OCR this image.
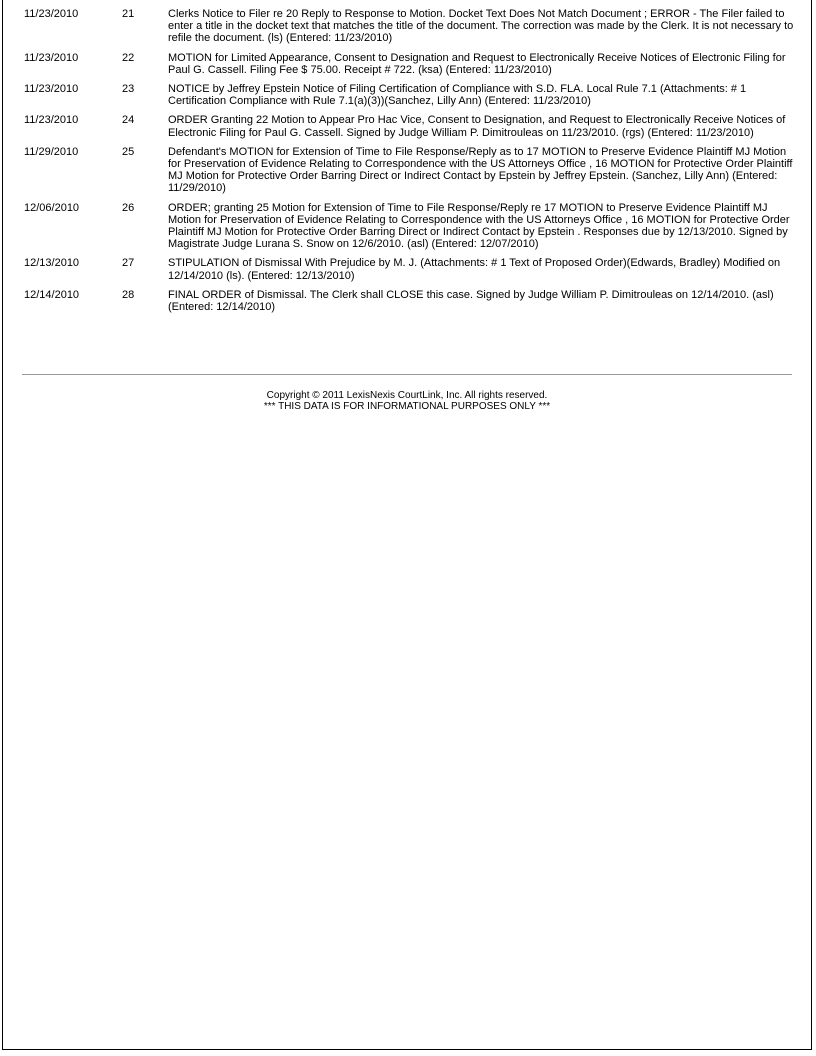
11/23/2010	21	Clerks Notice to Filer re 20 Reply to Response to Motion. Docket Text Does Not Match Document ; ERROR - The Filer failed to enter a title in the docket text that matches the title of the document. The correction was made by the Clerk. It is not necessary to refile the document. (ls) (Entered: 11/23/2010)
11/23/2010	22	MOTION for Limited Appearance, Consent to Designation and Request to Electronically Receive Notices of Electronic Filing for Paul G. Cassell. Filing Fee $ 75.00. Receipt # 722. (ksa) (Entered: 11/23/2010)
11/23/2010	23	NOTICE by Jeffrey Epstein Notice of Filing Certification of Compliance with S.D. FLA. Local Rule 7.1 (Attachments: # 1 Certification Compliance with Rule 7.1(a)(3))(Sanchez, Lilly Ann) (Entered: 11/23/2010)
11/23/2010	24	ORDER Granting 22 Motion to Appear Pro Hac Vice, Consent to Designation, and Request to Electronically Receive Notices of Electronic Filing for Paul G. Cassell. Signed by Judge William P. Dimitrouleas on 11/23/2010. (rgs) (Entered: 11/23/2010)
11/29/2010	25	Defendant's MOTION for Extension of Time to File Response/Reply as to 17 MOTION to Preserve Evidence Plaintiff MJ Motion for Preservation of Evidence Relating to Correspondence with the US Attorneys Office , 16 MOTION for Protective Order Plaintiff MJ Motion for Protective Order Barring Direct or Indirect Contact by Epstein by Jeffrey Epstein. (Sanchez, Lilly Ann) (Entered: 11/29/2010)
12/06/2010	26	ORDER; granting 25 Motion for Extension of Time to File Response/Reply re 17 MOTION to Preserve Evidence Plaintiff MJ Motion for Preservation of Evidence Relating to Correspondence with the US Attorneys Office , 16 MOTION for Protective Order Plaintiff MJ Motion for Protective Order Barring Direct or Indirect Contact by Epstein . Responses due by 12/13/2010. Signed by Magistrate Judge Lurana S. Snow on 12/6/2010. (asl) (Entered: 12/07/2010)
12/13/2010	27	STIPULATION of Dismissal With Prejudice by M. J. (Attachments: # 1 Text of Proposed Order)(Edwards, Bradley) Modified on 12/14/2010 (ls). (Entered: 12/13/2010)
12/14/2010	28	FINAL ORDER of Dismissal. The Clerk shall CLOSE this case. Signed by Judge William P. Dimitrouleas on 12/14/2010. (asl) (Entered: 12/14/2010)
Copyright © 2011 LexisNexis CourtLink, Inc. All rights reserved.
*** THIS DATA IS FOR INFORMATIONAL PURPOSES ONLY ***
